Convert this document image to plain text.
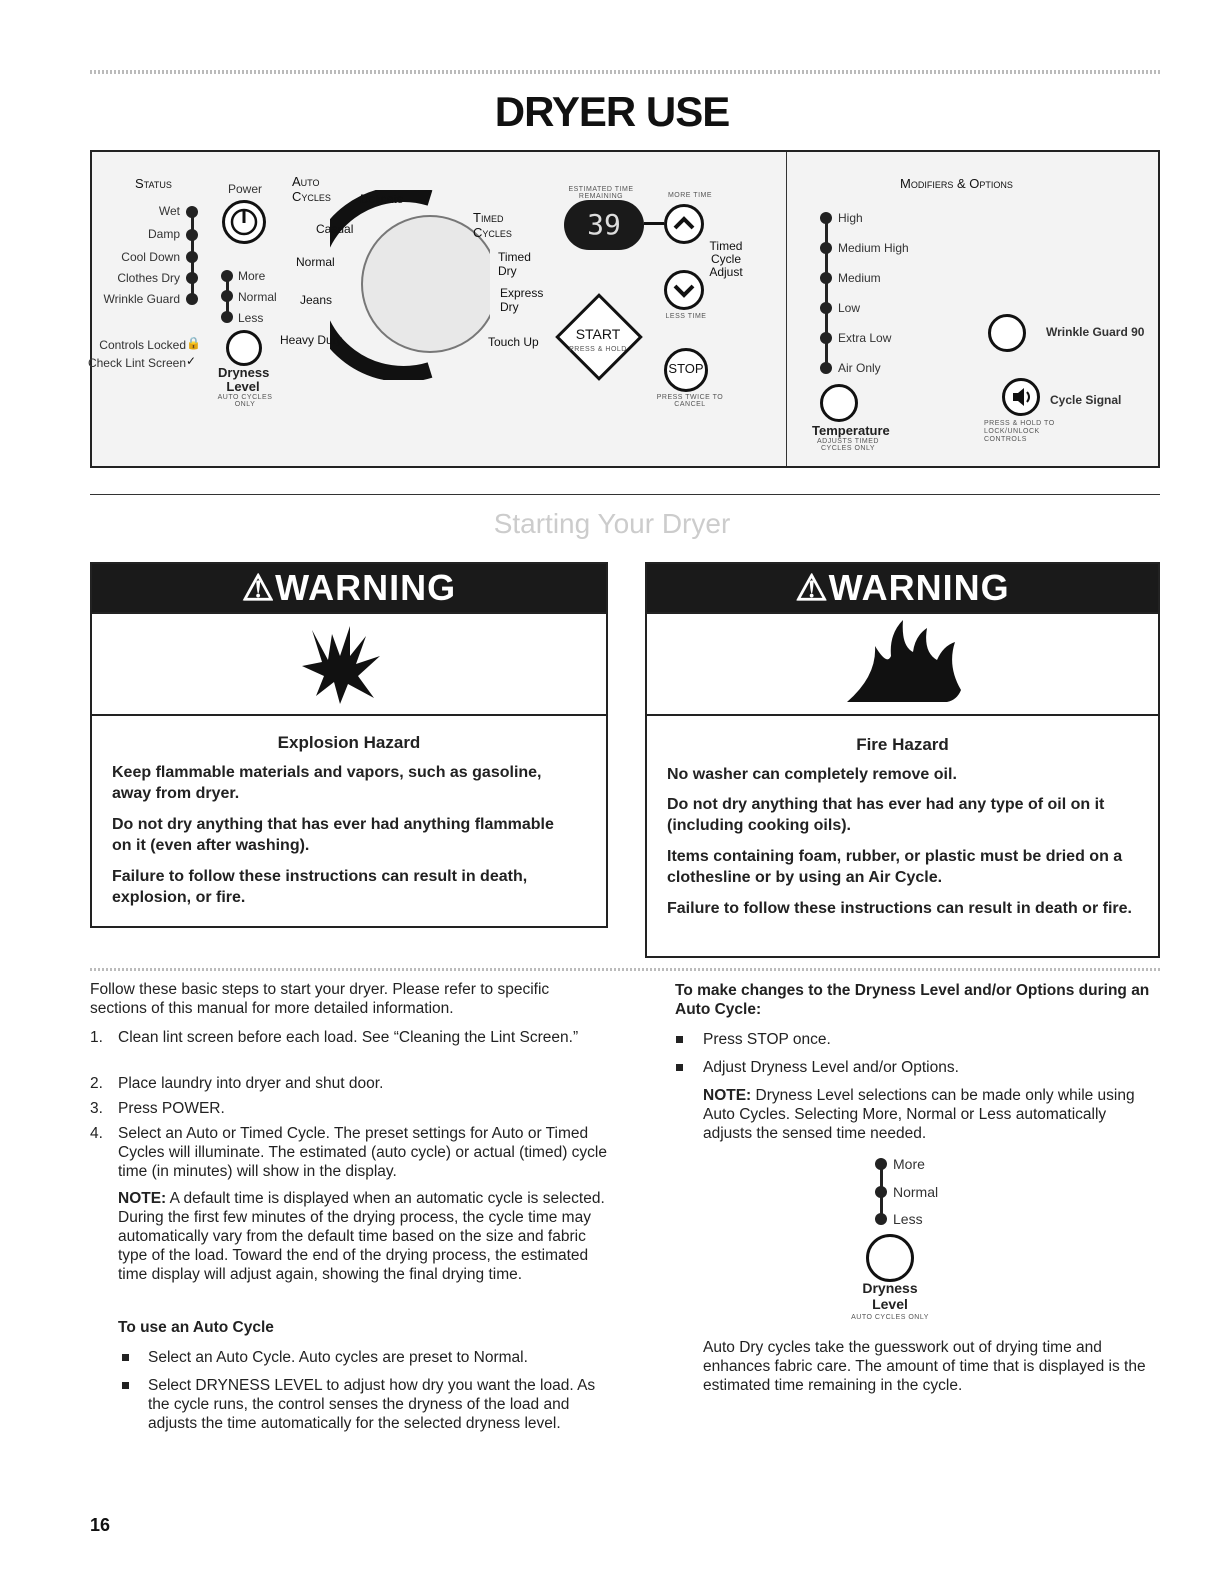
DRYER USE
Status
Wet
Damp
Cool Down
Clothes Dry
Wrinkle Guard
Controls Locked 🔒
Check Lint Screen ✓
Power
More
Normal
Less
Dryness
Level
AUTO CYCLES ONLY
Auto
Cycles Delicate
Casual
Normal
Jeans
Heavy Duty
Timed
Cycles
Timed Dry
Express Dry
Touch Up
ESTIMATED TIME REMAINING
39
MORE TIME
LESS TIME
Timed Cycle Adjust
START
PRESS & HOLD
STOP
PRESS TWICE TO CANCEL
Modifiers & Options
High
Medium High
Medium
Low
Extra Low
Air Only
Temperature
ADJUSTS TIMED CYCLES ONLY
Wrinkle Guard 90
Cycle Signal
PRESS & HOLD TO LOCK/UNLOCK CONTROLS
Starting Your Dryer
⚠WARNING
Explosion Hazard
Keep flammable materials and vapors, such as gasoline, away from dryer.
Do not dry anything that has ever had anything flammable on it (even after washing).
Failure to follow these instructions can result in death, explosion, or fire.
⚠WARNING
Fire Hazard
No washer can completely remove oil.
Do not dry anything that has ever had any type of oil on it (including cooking oils).
Items containing foam, rubber, or plastic must be dried on a clothesline or by using an Air Cycle.
Failure to follow these instructions can result in death or fire.
Follow these basic steps to start your dryer. Please refer to specific sections of this manual for more detailed information.
1. Clean lint screen before each load. See “Cleaning the Lint Screen.”
2. Place laundry into dryer and shut door.
3. Press POWER.
4. Select an Auto or Timed Cycle. The preset settings for Auto or Timed Cycles will illuminate. The estimated (auto cycle) or actual (timed) cycle time (in minutes) will show in the display.
NOTE: A default time is displayed when an automatic cycle is selected. During the first few minutes of the drying process, the cycle time may automatically vary from the default time based on the size and fabric type of the load. Toward the end of the drying process, the estimated time display will adjust again, showing the final drying time.
To use an Auto Cycle
Select an Auto Cycle. Auto cycles are preset to Normal.
Select DRYNESS LEVEL to adjust how dry you want the load. As the cycle runs, the control senses the dryness of the load and adjusts the time automatically for the selected dryness level.
To make changes to the Dryness Level and/or Options during an Auto Cycle:
Press STOP once.
Adjust Dryness Level and/or Options.
NOTE: Dryness Level selections can be made only while using Auto Cycles. Selecting More, Normal or Less automatically adjusts the sensed time needed.
More
Normal
Less
Dryness
Level
AUTO CYCLES ONLY
Auto Dry cycles take the guesswork out of drying time and enhances fabric care. The amount of time that is displayed is the estimated time remaining in the cycle.
16
